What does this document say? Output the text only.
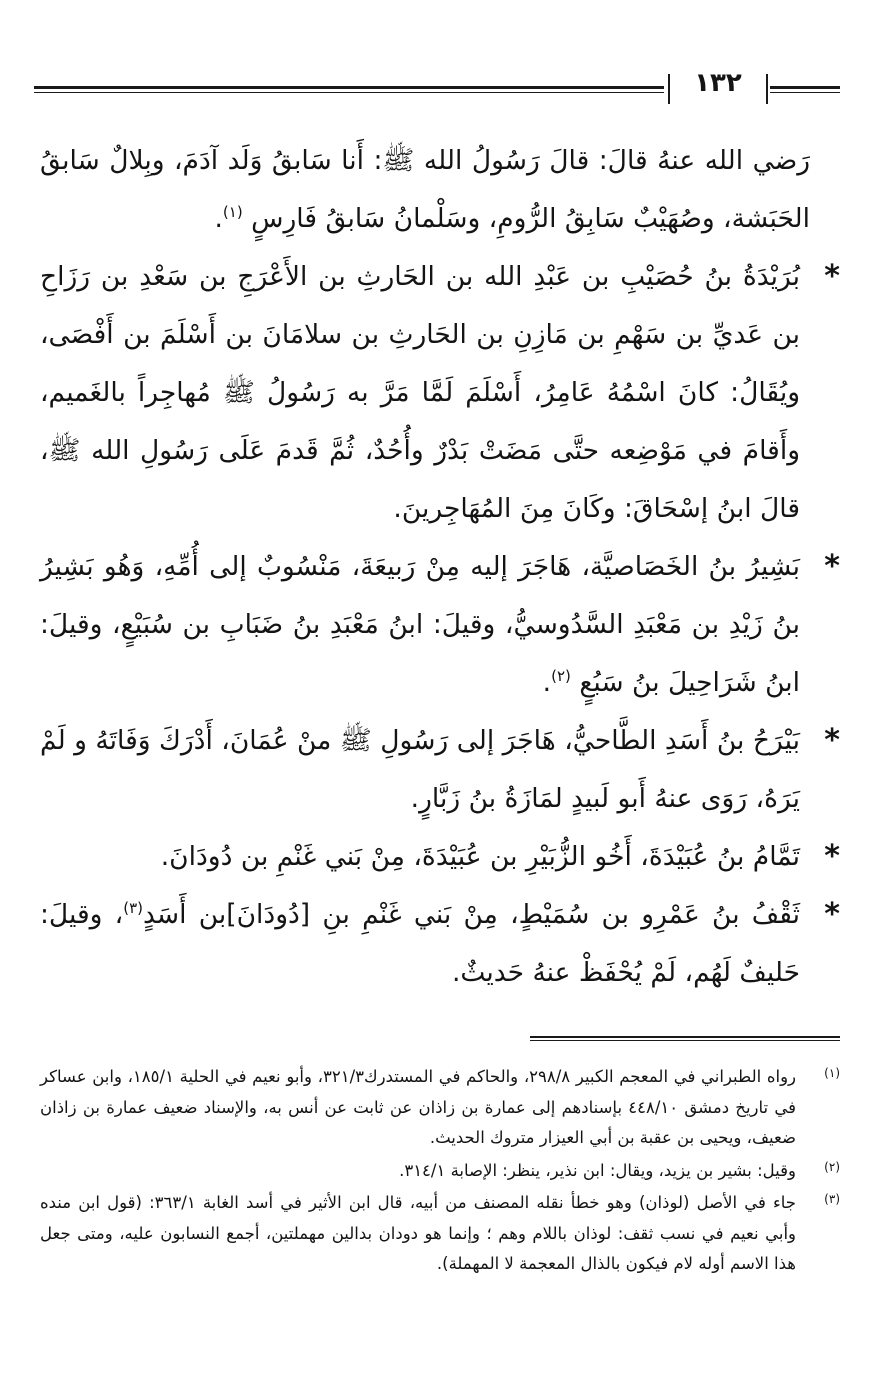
١٣٢

رَضي الله عنهُ قالَ: قالَ رَسُولُ الله ﷺ: أَنا سَابقُ وَلَد آدَمَ، وبِلالٌ سَابقُ الحَبَشة، وصُهَيْبٌ سَابِقُ الرُّومِ، وسَلْمانُ سَابقُ فَارِسٍ $^{(١)}$.

*
بُرَيْدَةُ بنُ حُصَيْبِ بن عَبْدِ الله بن الحَارثِ بن الأَعْرَجِ بن سَعْدِ بن رَزَاحِ بن عَديِّ بن سَهْمِ بن مَازِنِ بن الحَارثِ بن سلامَانَ بن أَسْلَمَ بن أَفْصَى، ويُقَالُ: كانَ اسْمُهُ عَامِرُ، أَسْلَمَ لَمَّا مَرَّ به رَسُولُ ﷺ مُهاجِراً بالغَميم، وأَقامَ في مَوْضِعه حتَّى مَضَتْ بَدْرٌ وأُحُدٌ، ثُمَّ قَدمَ عَلَى رَسُولِ الله ﷺ، قالَ ابنُ إسْحَاقَ: وكَانَ مِنَ المُهَاجِرينَ.

*
بَشِيرُ بنُ الخَصَاصيَّة، هَاجَرَ إليه مِنْ رَبيعَةَ، مَنْسُوبٌ إلى أُمِّهِ، وَهُو بَشِيرُ بنُ زَيْدِ بن مَعْبَدِ السَّدُوسيُّ، وقيلَ: ابنُ مَعْبَدِ بنُ ضَبَابِ بن سُبَيْعٍ، وقيلَ: ابنُ شَرَاحِيلَ بنُ سَبُعٍ $^{(٢)}$.

*
بَيْرَحُ بنُ أَسَدِ الطَّاحيُّ، هَاجَرَ إلى رَسُولِ ﷺ منْ عُمَانَ، أَدْرَكَ وَفَاتَهُ و لَمْ يَرَهُ، رَوَى عنهُ أَبو لَبيدٍ لمَازَةُ بنُ زَبَّارٍ.

*
تَمَّامُ بنُ عُبَيْدَةَ، أَخُو الزُّبَيْرِ بن عُبَيْدَةَ، مِنْ بَني غَنْمِ بن دُودَانَ.

*
ثَقْفُ بنُ عَمْرِو بن سُمَيْطٍ، مِنْ بَني غَنْمِ بنِ [دُودَانَ]بن أَسَدٍ$^{(٣)}$، وقيلَ: حَليفٌ لَهُم، لَمْ يُحْفَظْ عنهُ حَديثٌ.

(١)
رواه الطبراني في المعجم الكبير ٢٩٨/٨، والحاكم في المستدرك٣٢١/٣، وأبو نعيم في الحلية ١٨٥/١، وابن عساكر في تاريخ دمشق ٤٤٨/١٠ بإسنادهم إلى عمارة بن زاذان عن ثابت عن أنس به، والإسناد ضعيف عمارة بن زاذان ضعيف، ويحيى بن عقبة بن أبي العيزار متروك الحديث.

(٢)
وقيل: بشير بن يزيد، ويقال: ابن نذير، ينظر: الإصابة ٣١٤/١.

(٣)
جاء في الأصل (لوذان) وهو خطأ نقله المصنف من أبيه، قال ابن الأثير في أسد الغابة ٣٦٣/١: (قول ابن منده وأبي نعيم في نسب ثقف: لوذان باللام وهم ؛ وإنما هو دودان بدالين مهملتين، أجمع النسابون عليه، ومتى جعل هذا الاسم أوله لام فيكون بالذال المعجمة لا المهملة).
